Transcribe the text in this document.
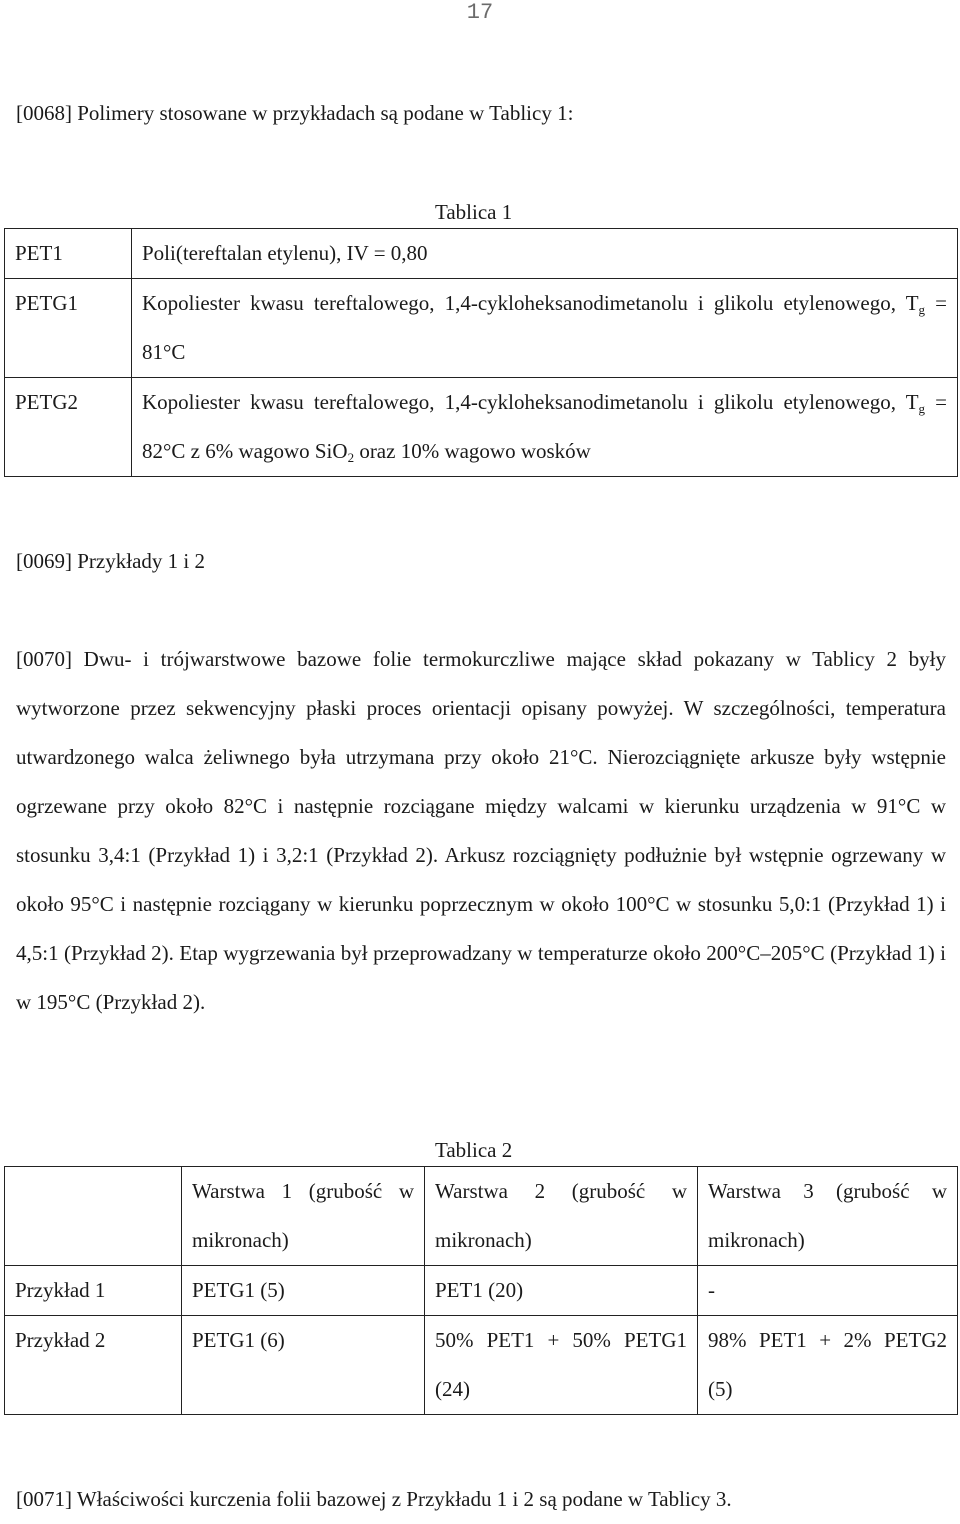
17

[0068] Polimery stosowane w przykładach są podane w Tablicy 1:

Tablica 1
PET1	Poli(tereftalan etylenu), IV = 0,80
PETG1	Kopoliester kwasu tereftalowego, 1,4-cykloheksanodimetanolu i glikolu etylenowego, $T_g = 81^\circ C$
PETG2	Kopoliester kwasu tereftalowego, 1,4-cykloheksanodimetanolu i glikolu etylenowego, $T_g = 82^\circ C$ z 6% wagowo SiO$_2$ oraz 10% wagowo wosków

[0069] Przykłady 1 i 2

[0070] Dwu- i trójwarstwowe bazowe folie termokurczliwe mające skład pokazany w Tablicy 2 były wytworzone przez sekwencyjny płaski proces orientacji opisany powyżej. W szczególności, temperatura utwardzonego walca żeliwnego była utrzymana przy około 21°C. Nierozciągnięte arkusze były wstępnie ogrzewane przy około 82°C i następnie rozciągane między walcami w kierunku urządzenia w 91°C w stosunku 3,4:1 (Przykład 1) i 3,2:1 (Przykład 2). Arkusz rozciągnięty podłużnie był wstępnie ogrzewany w około 95°C i następnie rozciągany w kierunku poprzecznym w około 100°C w stosunku 5,0:1 (Przykład 1) i 4,5:1 (Przykład 2). Etap wygrzewania był przeprowadzany w temperaturze około 200°C–205°C (Przykład 1) i w 195°C (Przykład 2).

Tablica 2
	Warstwa 1 (grubość w mikronach)	Warstwa 2 (grubość w mikronach)	Warstwa 3 (grubość w mikronach)
Przykład 1	PETG1 (5)	PET1 (20)	-
Przykład 2	PETG1 (6)	50% PET1 + 50% PETG1 (24)	98% PET1 + 2% PETG2 (5)

[0071] Właściwości kurczenia folii bazowej z Przykładu 1 i 2 są podane w Tablicy 3.
